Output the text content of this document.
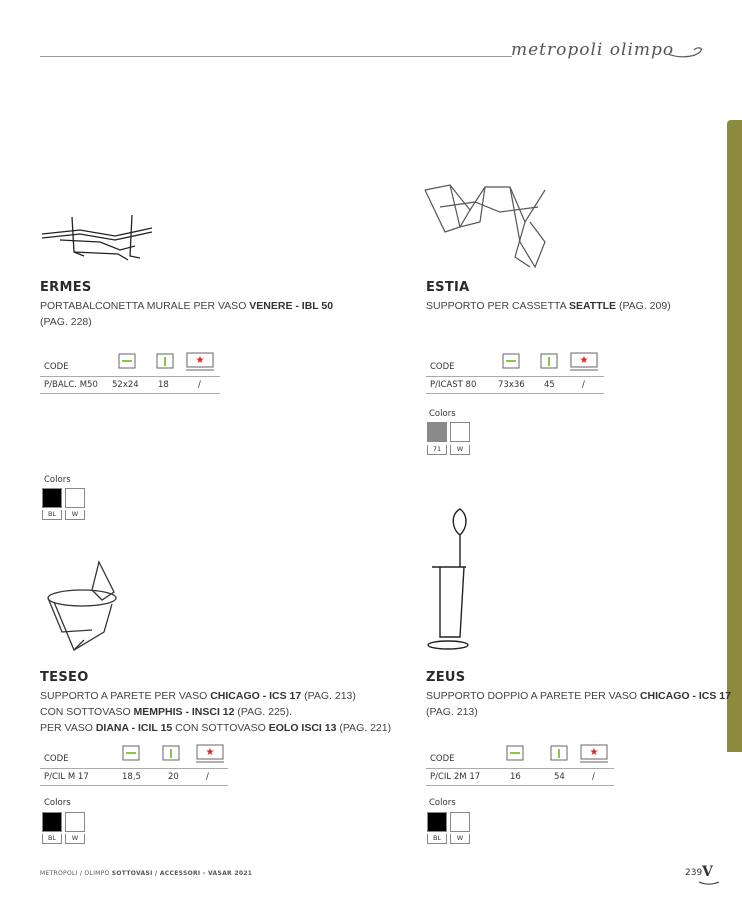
metropoli olimpo
ERMES
PORTABALCONETTA MURALE PER VASO VENERE - IBL 50
(PAG. 228)
CODE
★
P/BALC. M50 52x24 18	/
ESTIA
SUPPORTO PER CASSETTA SEATTLE (PAG. 209)
CODE
★
P/ICAST 80	73x36 45	/
Colors
71	W
Colors
BL	W
TESEO
SUPPORTO A PARETE PER VASO CHICAGO - ICS 17 (PAG. 213)
CON SOTTOVASO MEMPHIS - INSCI 12 (PAG. 225).
PER VASO DIANA - ICIL 15 CON SOTTOVASO EOLO ISCI 13 (PAG. 221)
CODE
★
P/CIL M 17	18,5	20	/
Colors
BL	W
ZEUS
SUPPORTO DOPPIO A PARETE PER VASO CHICAGO - ICS 17
(PAG. 213)
CODE
★
P/CIL 2M 17	16	54	/
Colors
BL	W
METROPOLI / OLIMPO SOTTOVASI / ACCESSORI - VASAR 2021	239 V
